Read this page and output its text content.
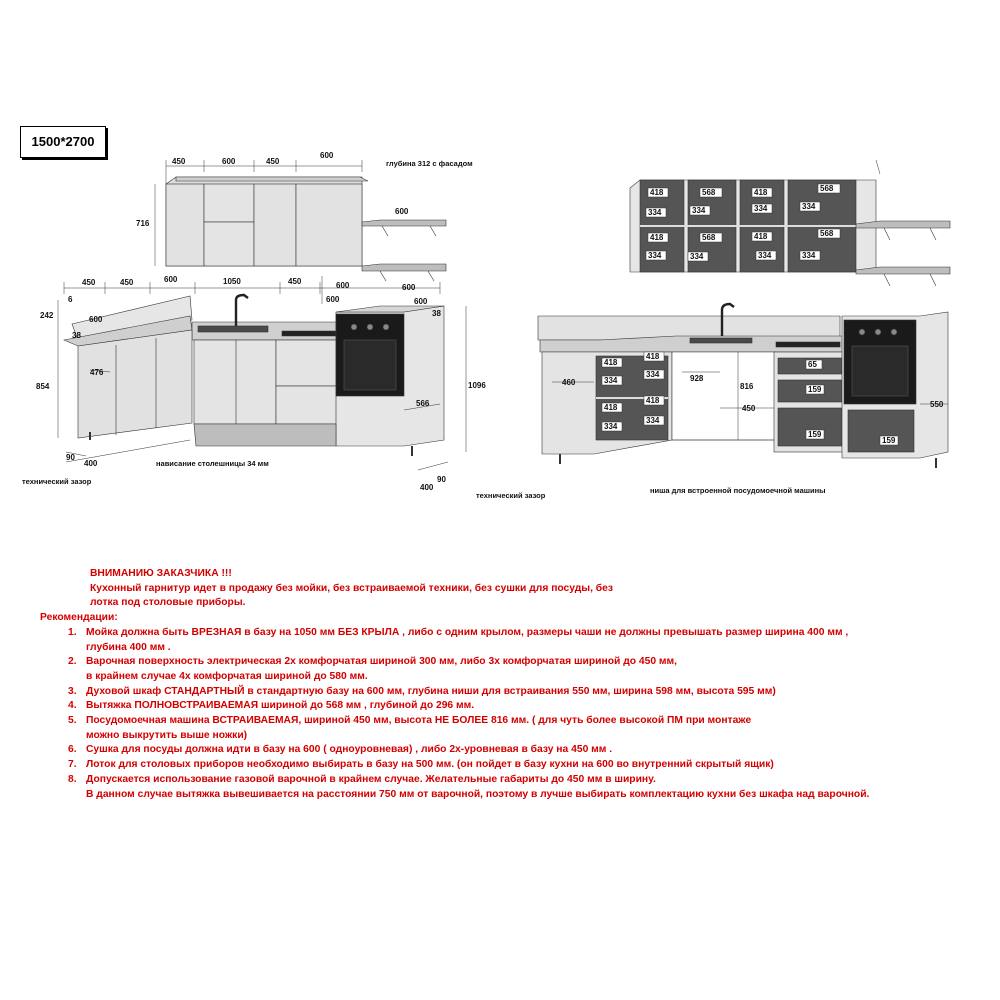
1500*2700
450	600	450
600
глубина 312 с фасадом
716
600
450	450	600	1050	450	600	600
242
6
600
38
38
600	600
854
476
1096
566
90
400	нависание столешницы 34 мм
технический зазор
400
90
технический зазор
418	568	418	568
334	334	334	334
418	568	418	568
334	334	334	334
460
418
418
334
334
418
418
334
334
928
816
450
65
159
159
159
550
ниша для встроенной посудомоечной машины
ВНИМАНИЮ ЗАКАЗЧИКА !!!
Кухонный гарнитур идет в продажу без мойки, без встраиваемой техники, без сушки для посуды, без
лотка под столовые приборы.
Рекомендации:
1. Мойка должна быть ВРЕЗНАЯ в базу на 1050 мм БЕЗ КРЫЛА , либо с одним крылом, размеры чаши не должны превышать размер ширина 400 мм ,
глубина 400 мм .
2. Варочная поверхность электрическая 2х комфорчатая шириной 300 мм, либо 3х комфорчатая шириной до 450 мм,
в крайнем случае 4х комфорчатая шириной до 580 мм.
3. Духовой шкаф СТАНДАРТНЫЙ в стандартную базу на 600 мм, глубина ниши для встраивания 550 мм, ширина 598 мм, высота 595 мм)
4. Вытяжка ПОЛНОВСТРАИВАЕМАЯ шириной до 568 мм , глубиной до 296 мм.
5. Посудомоечная машина ВСТРАИВАЕМАЯ, шириной 450 мм, высота НЕ БОЛЕЕ 816 мм. ( для чуть более высокой ПМ при монтаже
можно выкрутить выше ножки)
6. Сушка для посуды должна идти в базу на 600 ( одноуровневая) , либо 2х-уровневая в базу на 450 мм .
7. Лоток для столовых приборов необходимо выбирать в базу на 500 мм. (он пойдет в базу кухни на 600 во внутренний скрытый ящик)
8. Допускается использование газовой варочной в крайнем случае. Желательные габариты до 450 мм в ширину.
В данном случае вытяжка вывешивается на расстоянии 750 мм от варочной, поэтому в лучше выбирать комплектацию кухни без шкафа над варочной.
